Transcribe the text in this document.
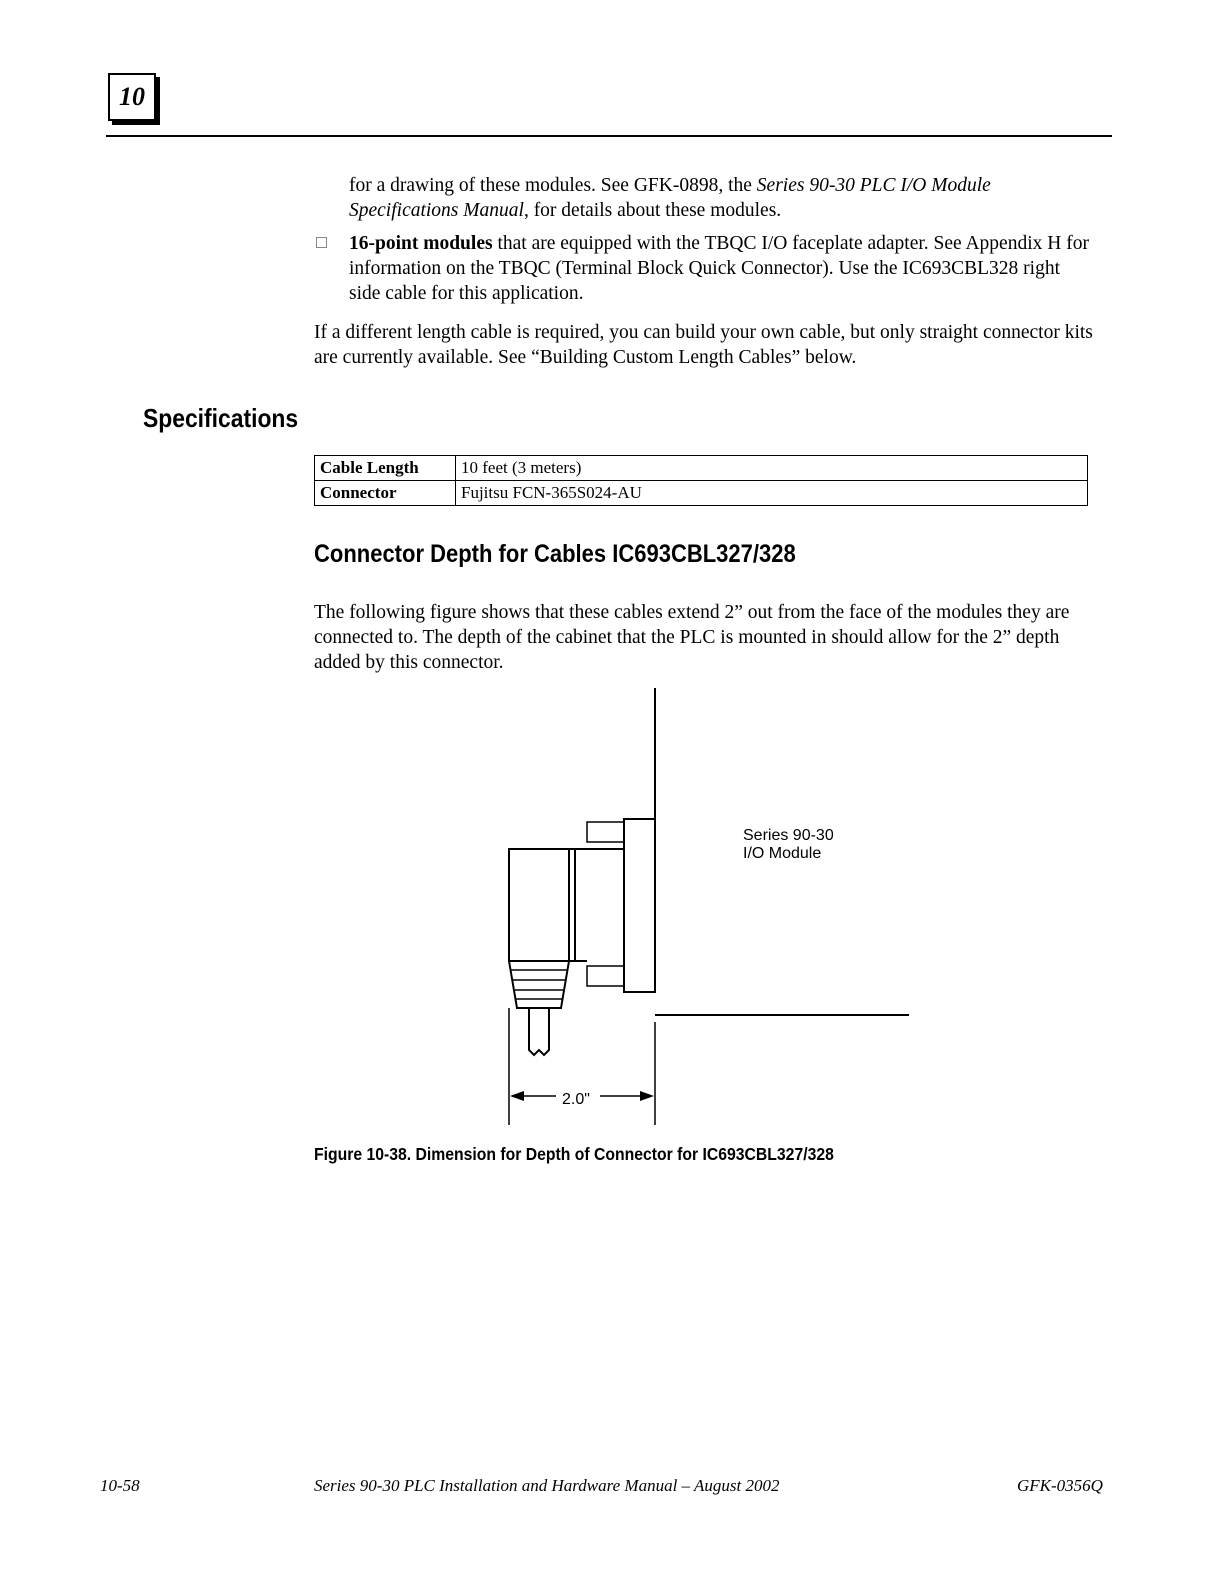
10

for a drawing of these modules. See GFK-0898, the Series 90-30 PLC I/O Module Specifications Manual, for details about these modules.

16-point modules that are equipped with the TBQC I/O faceplate adapter. See Appendix H for information on the TBQC (Terminal Block Quick Connector). Use the IC693CBL328 right side cable for this application.

If a different length cable is required, you can build your own cable, but only straight connector kits are currently available. See “Building Custom Length Cables” below.

Specifications
Cable Length	10 feet (3 meters)
Connector	Fujitsu FCN-365S024-AU
Connector Depth for Cables IC693CBL327/328

The following figure shows that these cables extend 2” out from the face of the modules they are connected to. The depth of the cabinet that the PLC is mounted in should allow for the 2” depth added by this connector.

Series 90-30
I/O Module
2.0"
Figure 10-38. Dimension for Depth of Connector for IC693CBL327/328
10-58	Series 90-30 PLC Installation and Hardware Manual – August 2002	GFK-0356Q
